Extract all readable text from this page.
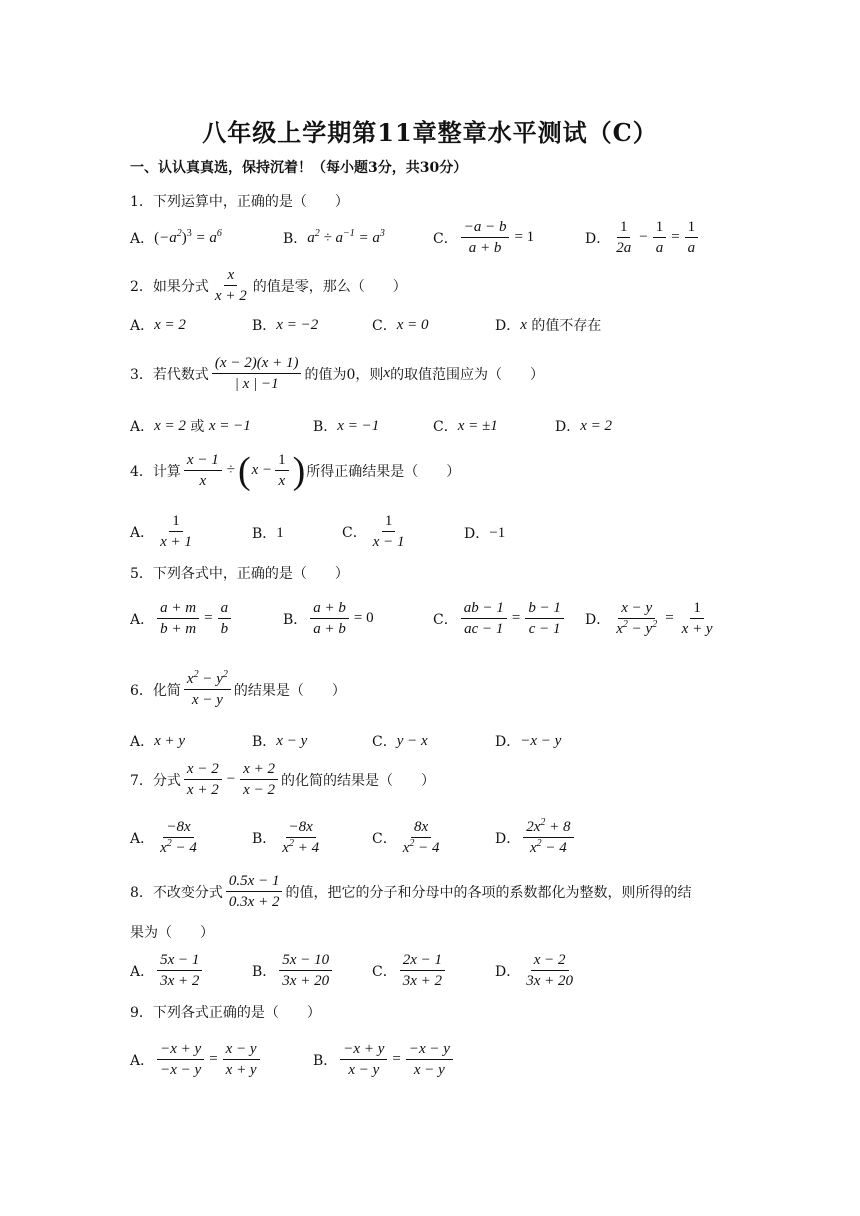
八年级上学期第11章整章水平测试（C）
一、认认真真选，保持沉着！（每小题3分，共30分）
1．下列运算中，正确的是（　　）
A． $(-a^2)^3 = a^6$	B． $a^2 \div a^{-1} = a^3$	C． $\frac{-a - b}{a + b} = 1$	D． $\frac{1}{2a} - \frac{1}{a} = \frac{1}{a}$
2．如果分式 $\frac{x}{x + 2}$ 的值是零，那么（　　）
A． x = 2	B． x = −2	C． x = 0	D． x
的值不存在
3．若代数式 $\frac{(x - 2)(x + 1)}{| x | -1}$ 的值为0，则 x 的取值范围应为（　　）
A． x = 2
或
x = −1	B． x = −1	C． x = ±1	D． x = 2
4．计算 $\frac{x - 1}{x}$ ÷ ( $x - \frac{1}{x}$ ) 所得正确结果是（　　）
A． $\frac{1}{x + 1}$	B． 1	C． $\frac{1}{x - 1}$	D． −1
5．下列各式中，正确的是（　　）
A． $\frac{a + m}{b + m} = \frac{a}{b}$	B． $\frac{a + b}{a + b} = 0$	C． $\frac{ab - 1}{ac - 1} = \frac{b - 1}{c - 1}$ D． $\frac{x - y}{x^2 - y^2} = \frac{1}{x + y}$
6．化简 $\frac{x^2 - y^2}{x - y}$ 的结果是（　　）
A． x + y	B． x − y	C． y − x	D． −x − y
7．分式 $\frac{x - 2}{x + 2} - \frac{x + 2}{x - 2}$ 的化简的结果是（　　）
A． $\frac{-8x}{x^2 - 4}$	B． $\frac{-8x}{x^2 + 4}$	C． $\frac{8x}{x^2 - 4}$	D． $\frac{2x^2 + 8}{x^2 - 4}$
8．不改变分式 $\frac{0.5x - 1}{0.3x + 2}$ 的值，把它的分子和分母中的各项的系数都化为整数，则所得的结
果为（　　）
A． $\frac{5x - 1}{3x + 2}$	B． $\frac{5x - 10}{3x + 20}$	C． $\frac{2x - 1}{3x + 2}$	D． $\frac{x - 2}{3x + 20}$
9．下列各式正确的是（　　）
A． $\frac{-x + y}{-x - y} = \frac{x - y}{x + y}$	B． $\frac{-x + y}{x - y} = \frac{-x - y}{x - y}$
